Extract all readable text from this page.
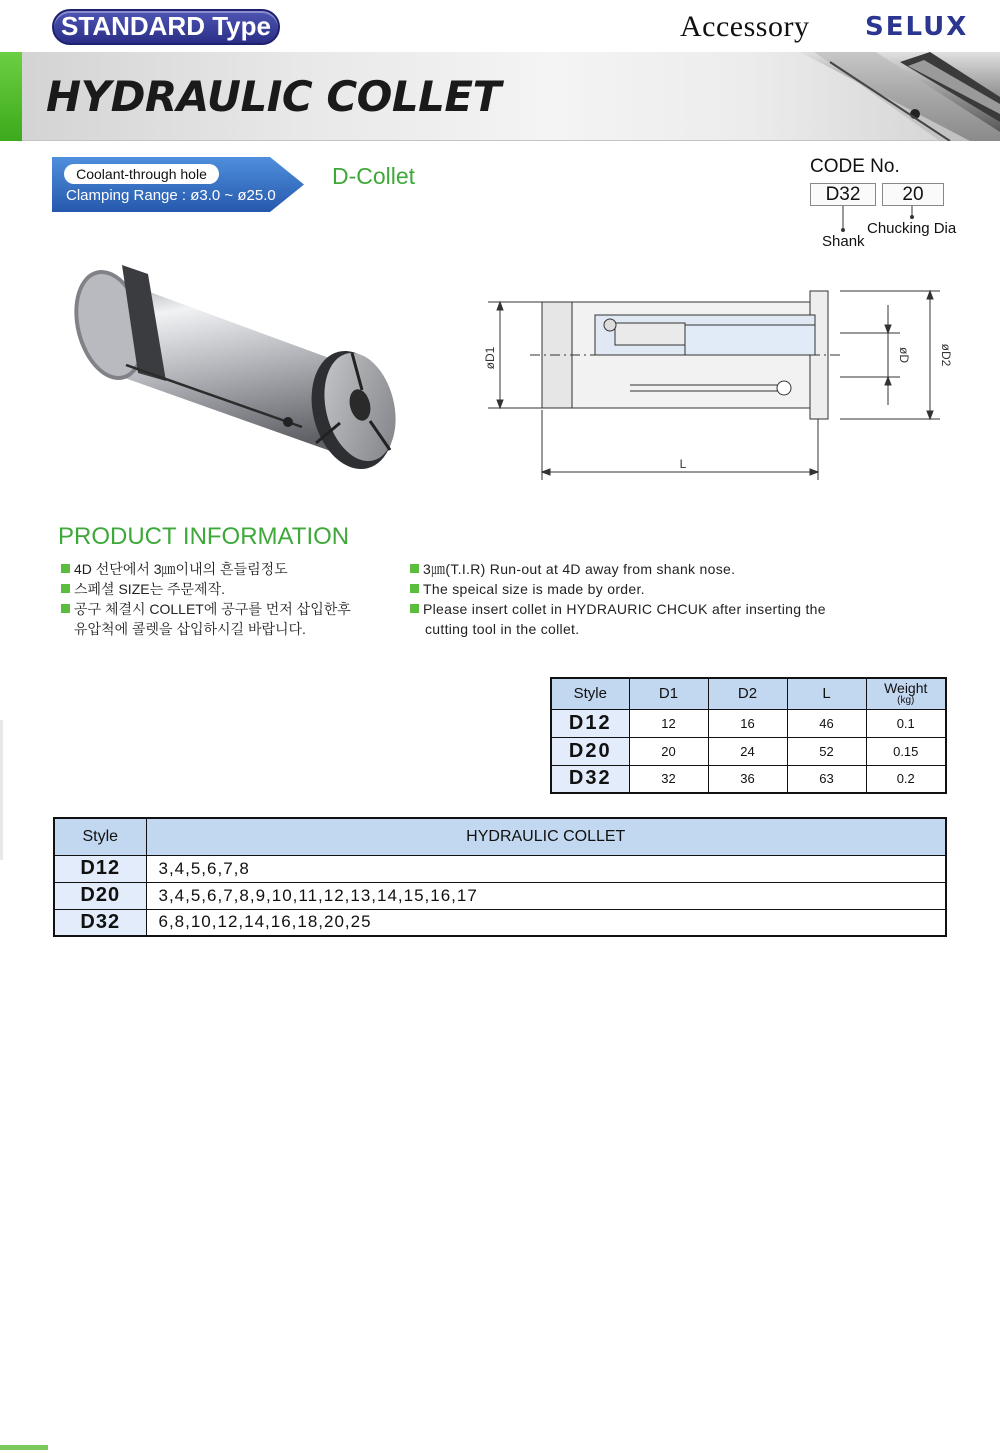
STANDARD Type	Accessory SELUX
HYDRAULIC COLLET
Coolant-through hole
Clamping Range : ø3.0 ~ ø25.0
D-Collet	CODE No.
D32	20
Shank
Chucking Dia
øD1	øD øD2
L
PRODUCT INFORMATION
4D 선단에서 3㎛이내의 흔들림정도
스페셜 SIZE는 주문제작.
공구 체결시 COLLET에 공구를 먼저 삽입한후
유압척에 콜렛을 삽입하시길 바랍니다.
3㎛(T.I.R) Run-out at 4D away from shank nose.
The speical size is made by order.
Please insert collet in HYDRAURIC CHCUK after inserting the
cutting tool in the collet.
Style	D1	D2	L	Weight
(kg)

D12	12	16	46	0.1
D20	20	24	52	0.15
D32	32	36	63	0.2
Style	HYDRAULIC COLLET
D12	3,4,5,6,7,8
D20	3,4,5,6,7,8,9,10,11,12,13,14,15,16,17
D32	6,8,10,12,14,16,18,20,25
